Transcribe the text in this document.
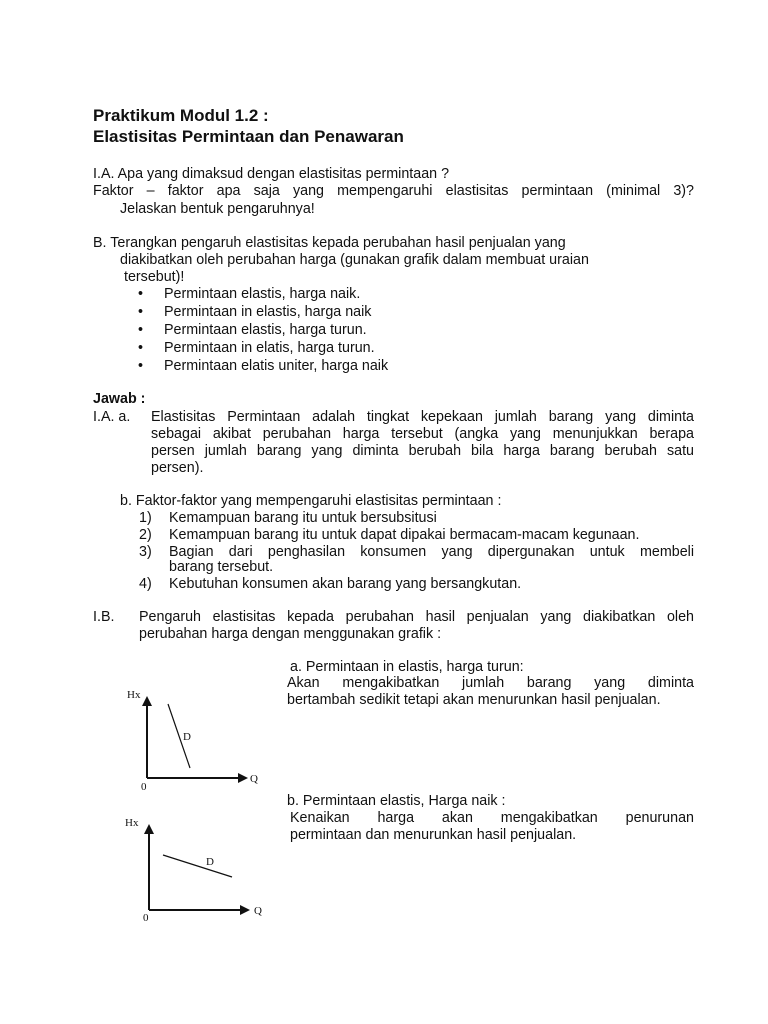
Praktikum Modul 1.2 :
Elastisitas Permintaan dan Penawaran
I.A. Apa yang dimaksud dengan elastisitas permintaan ?
Faktor – faktor apa saja yang mempengaruhi elastisitas permintaan (minimal 3)?
Jelaskan bentuk pengaruhnya!
B. Terangkan pengaruh elastisitas kepada perubahan hasil penjualan yang
diakibatkan oleh perubahan harga (gunakan grafik dalam membuat uraian
tersebut)!
• Permintaan elastis, harga naik.
• Permintaan in elastis, harga naik
• Permintaan elastis, harga turun.
• Permintaan in elatis, harga turun.
• Permintaan elatis uniter, harga naik
Jawab :
I.A. a. Elastisitas Permintaan adalah tingkat kepekaan jumlah barang yang diminta
sebagai akibat perubahan harga tersebut (angka yang menunjukkan berapa
persen jumlah barang yang diminta berubah bila harga barang berubah satu
persen).
b. Faktor-faktor yang mempengaruhi elastisitas permintaan :
1) Kemampuan barang itu untuk bersubsitusi
2) Kemampuan barang itu untuk dapat dipakai bermacam-macam kegunaan.
3) Bagian dari penghasilan konsumen yang dipergunakan untuk membeli
barang tersebut.
4) Kebutuhan konsumen akan barang yang bersangkutan.
I.B. Pengaruh elastisitas kepada perubahan hasil penjualan yang diakibatkan oleh
perubahan harga dengan menggunakan grafik :
a. Permintaan in elastis, harga turun:
Akan mengakibatkan jumlah barang yang diminta
bertambah sedikit tetapi akan menurunkan hasil penjualan.
Hx
D
Q
0
b. Permintaan elastis, Harga naik :
Kenaikan harga akan mengakibatkan penurunan
permintaan dan menurunkan hasil penjualan.
Hx
D
Q
0
